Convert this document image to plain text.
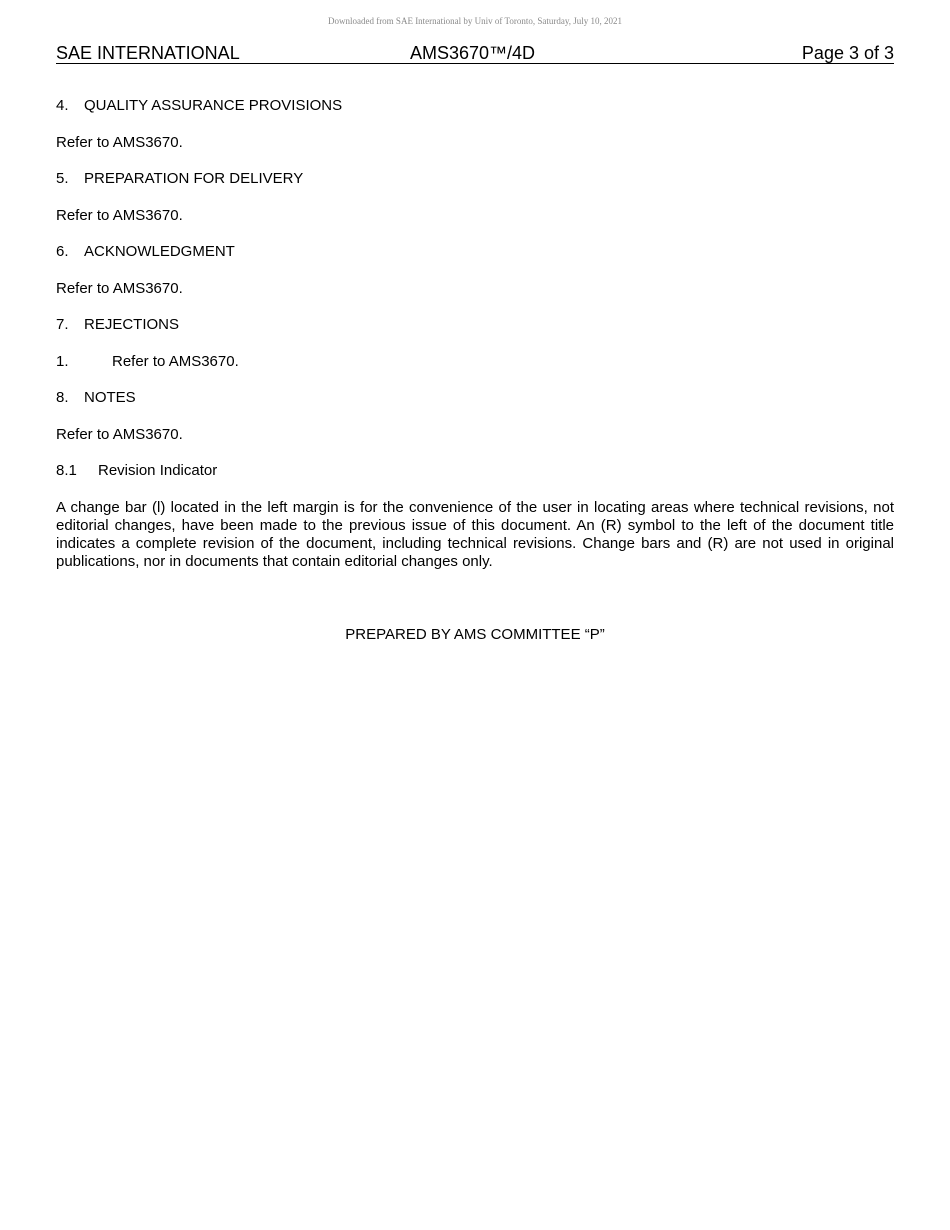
Downloaded from SAE International by Univ of Toronto, Saturday, July 10, 2021
SAE INTERNATIONAL	AMS3670™/4D	Page 3 of 3
4. QUALITY ASSURANCE PROVISIONS
Refer to AMS3670.
5. PREPARATION FOR DELIVERY
Refer to AMS3670.
6. ACKNOWLEDGMENT
Refer to AMS3670.
7. REJECTIONS
1.	Refer to AMS3670.
8. NOTES
Refer to AMS3670.
8.1 Revision Indicator

A change bar (l) located in the left margin is for the convenience of the user in locating areas where technical revisions, not editorial changes, have been made to the previous issue of this document. An (R) symbol to the left of the document title indicates a complete revision of the document, including technical revisions. Change bars and (R) are not used in original publications, nor in documents that contain editorial changes only.

PREPARED BY AMS COMMITTEE “P”
